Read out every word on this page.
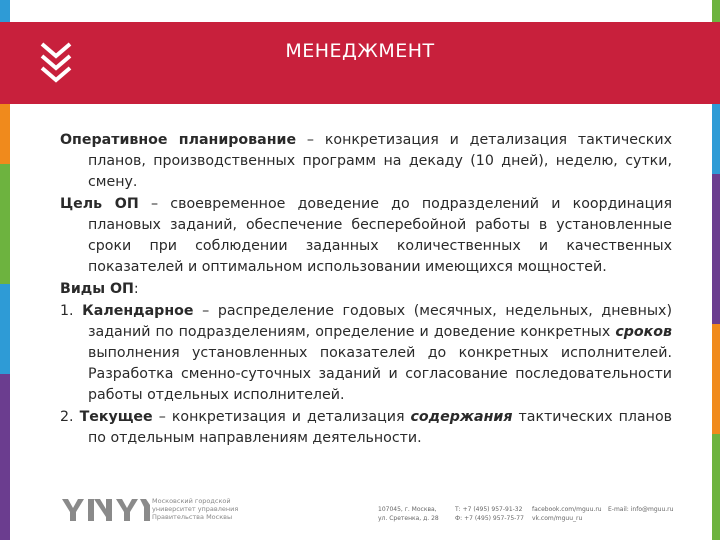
МЕНЕДЖМЕНТ

Оперативное планирование – конкретизация и детализация тактических планов, производственных программ на декаду (10 дней), неделю, сутки, смену.

Цель ОП – своевременное доведение до подразделений и координация плановых заданий, обеспечение бесперебойной работы в установленные сроки при соблюдении заданных количественных и качественных показателей и оптимальном использовании имеющихся мощностей.

Виды ОП:

1. Календарное – распределение годовых (месячных, недельных, дневных) заданий по подразделениям, определение и доведение конкретных сроков выполнения установленных показателей до конкретных исполнителей. Разработка сменно-суточных заданий и согласование последовательности работы отдельных исполнителей.

2. Текущее – конкретизация и детализация содержания тактических планов по отдельным направлениям деятельности.

Московский городской
университет управления
Правительства Москвы
107045, г. Москва,
ул. Сретенка, д. 28
Т: +7 (495) 957-91-32
Ф: +7 (495) 957-75-77
facebook.com/mguu.ru
vk.com/mguu_ru
E-mail: info@mguu.ru
